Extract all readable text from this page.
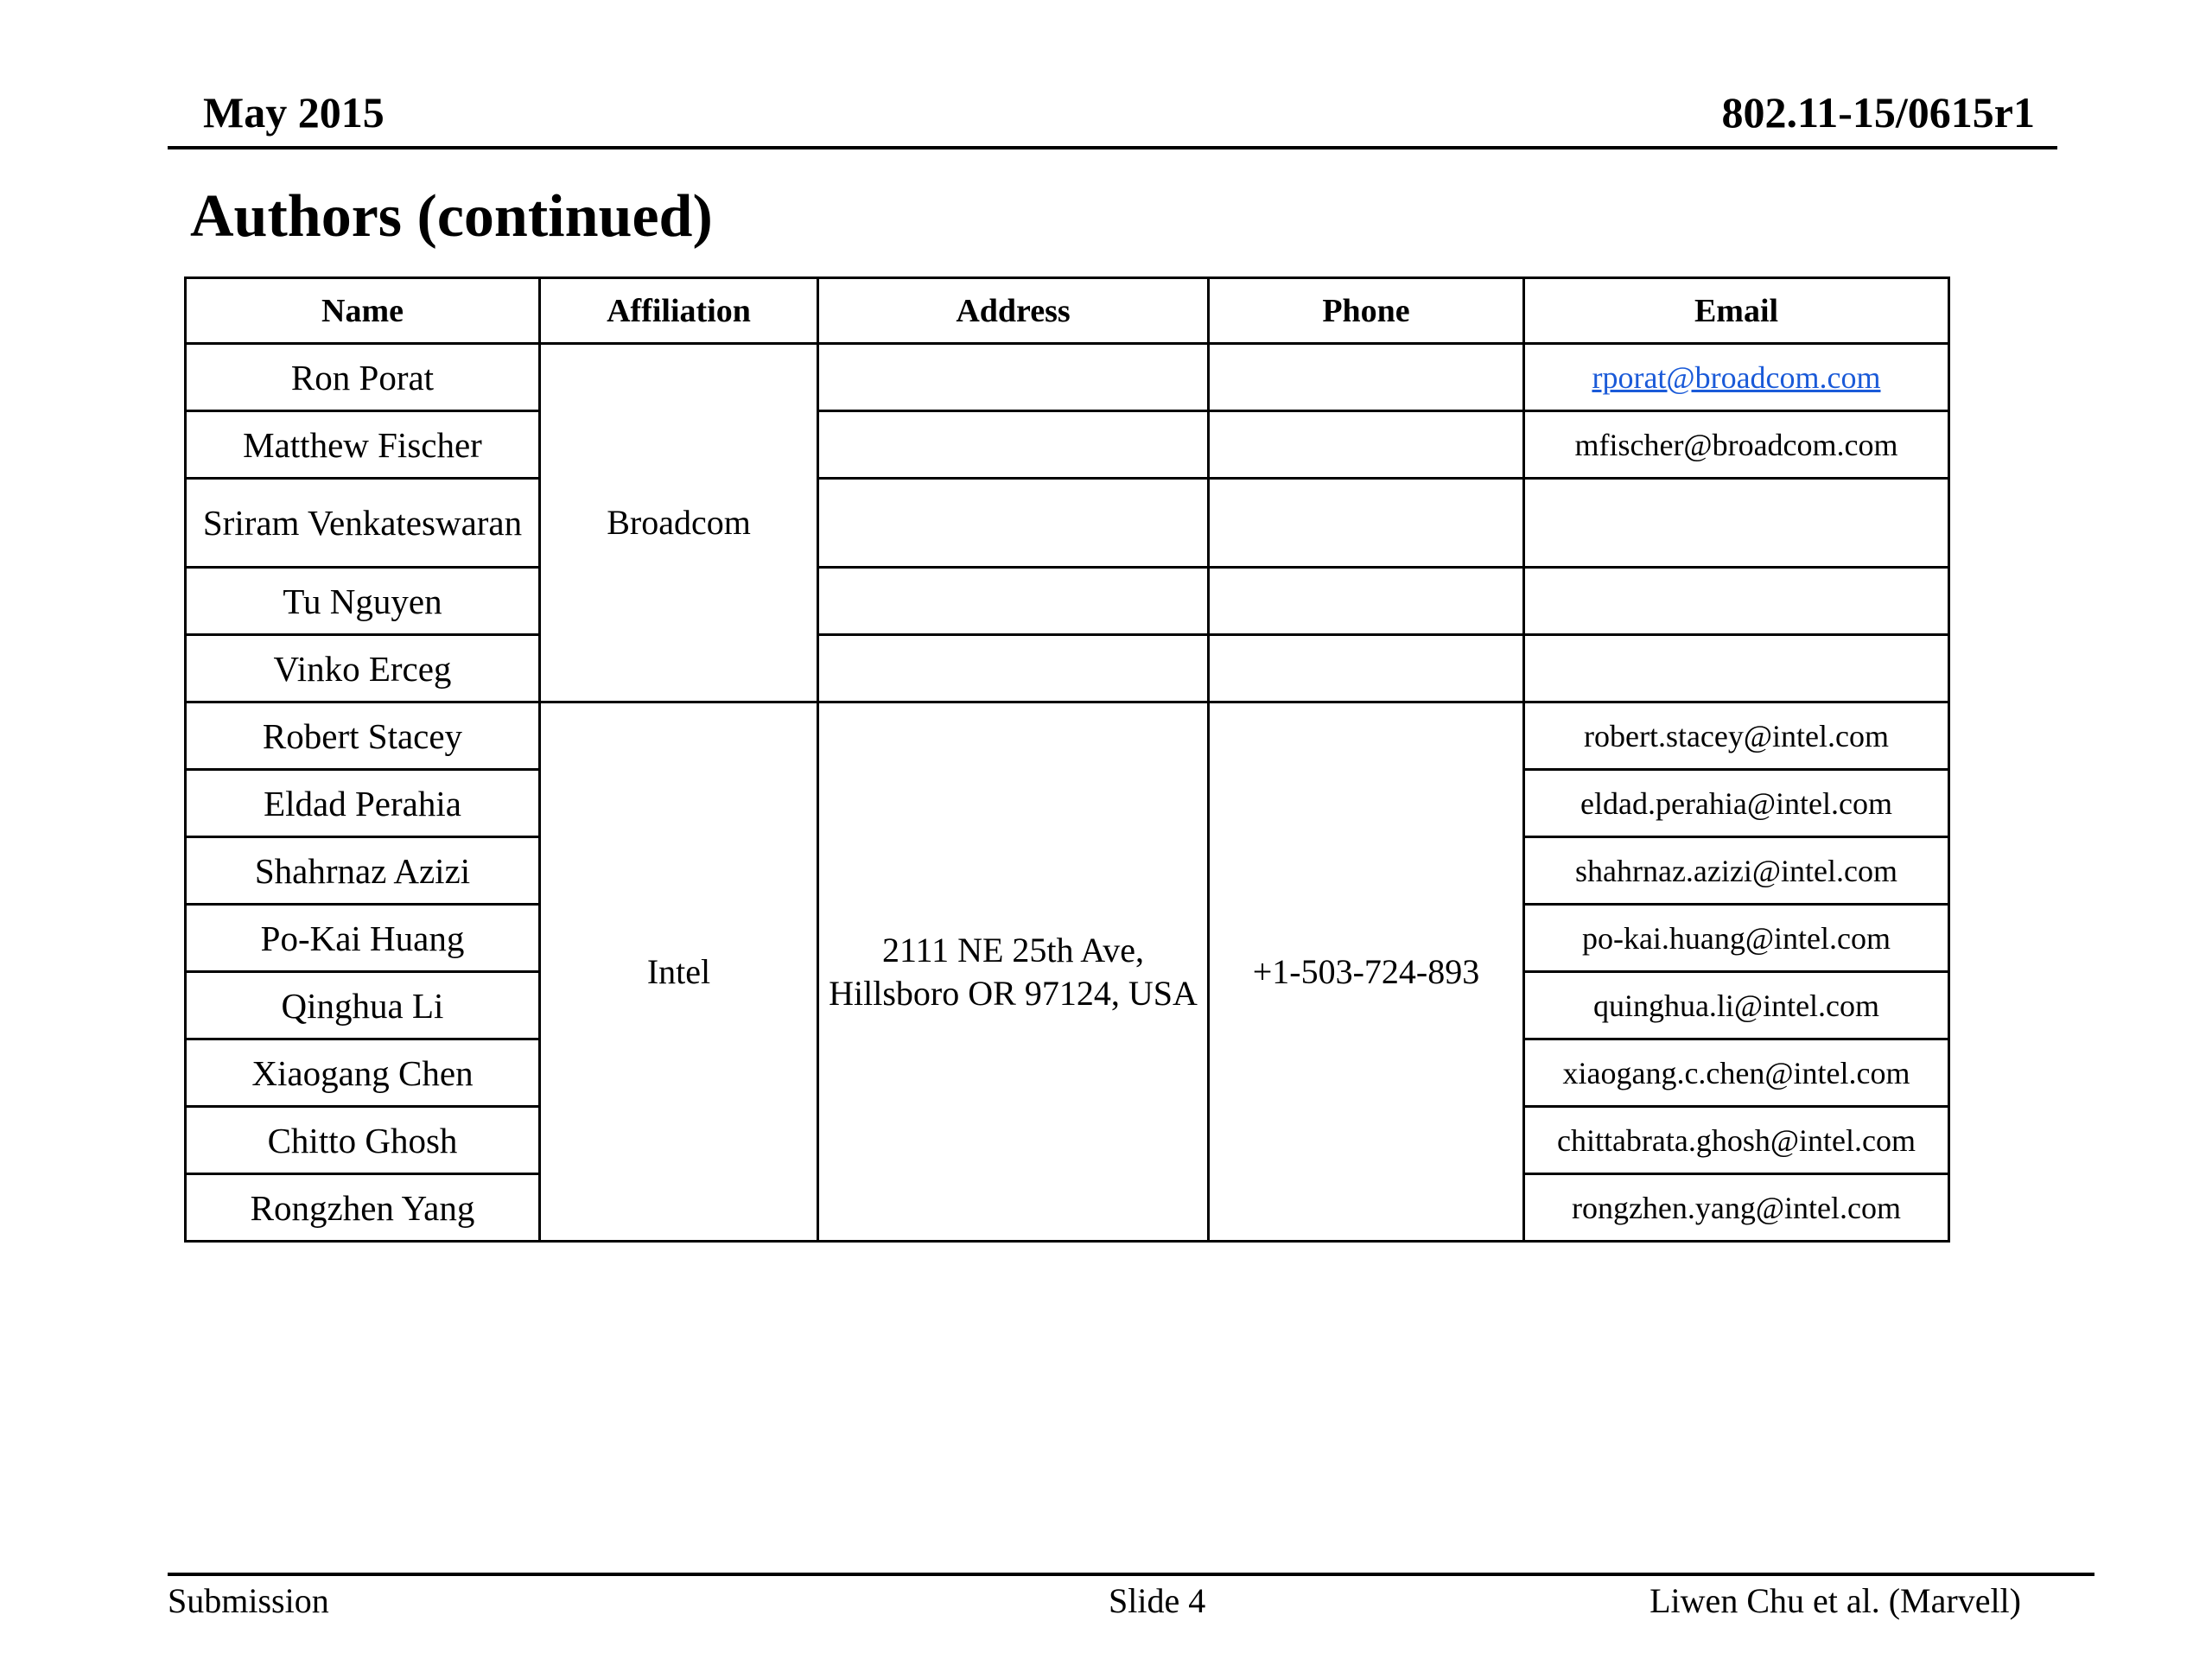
May 2015	802.11-15/0615r1
Authors (continued)
Name	Affiliation	Address	Phone	Email
Ron Porat	Broadcom			rporat@broadcom.com
Matthew Fischer				mfischer@broadcom.com
Sriram Venkateswaran				
Tu Nguyen				
Vinko Erceg				
Robert Stacey	Intel	2111 NE 25th Ave, Hillsboro OR 97124, USA	+1-503-724-893	robert.stacey@intel.com
Eldad Perahia				eldad.perahia@intel.com
Shahrnaz Azizi				shahrnaz.azizi@intel.com
Po-Kai Huang				po-kai.huang@intel.com
Qinghua Li				quinghua.li@intel.com
Xiaogang Chen				xiaogang.c.chen@intel.com
Chitto Ghosh				chittabrata.ghosh@intel.com
Rongzhen Yang				rongzhen.yang@intel.com
Submission	Slide 4	Liwen Chu et al. (Marvell)
